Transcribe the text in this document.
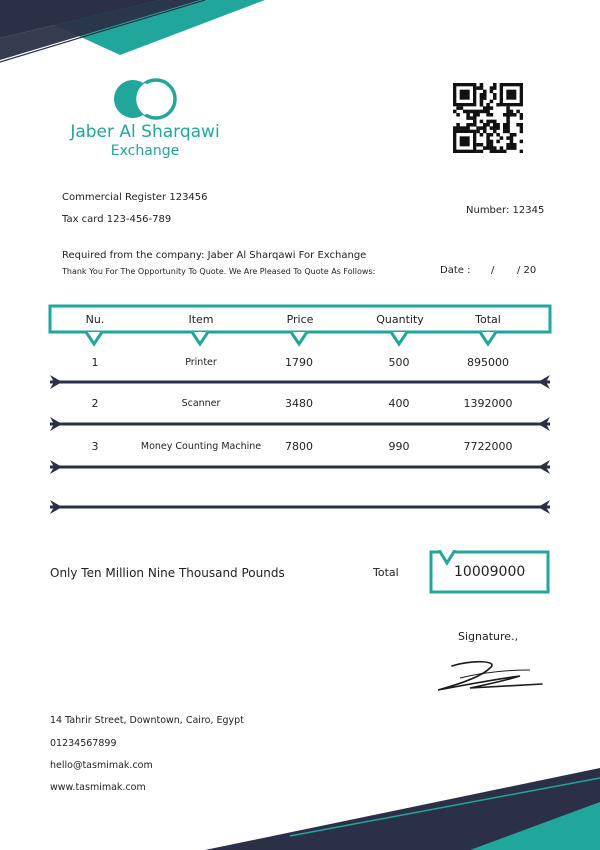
Jaber Al Sharqawi
Exchange
Commercial Register 123456
Tax card 123-456-789
Number: 12345
Required from the company: Jaber Al Sharqawi For Exchange
Thank You For The Opportunity To Quote. We Are Pleased To Quote As Follows:	Date : / / 20
Nu.	Item	Price	Quantity	Total
1	Printer	1790	500	895000
2	Scanner	3480	400	1392000
3	Money Counting Machine 7800	990	7722000
Only Ten Million Nine Thousand Pounds	Total	10009000
Signature.,
14 Tahrir Street, Downtown, Cairo, Egypt
01234567899
hello@tasmimak.com
www.tasmimak.com
